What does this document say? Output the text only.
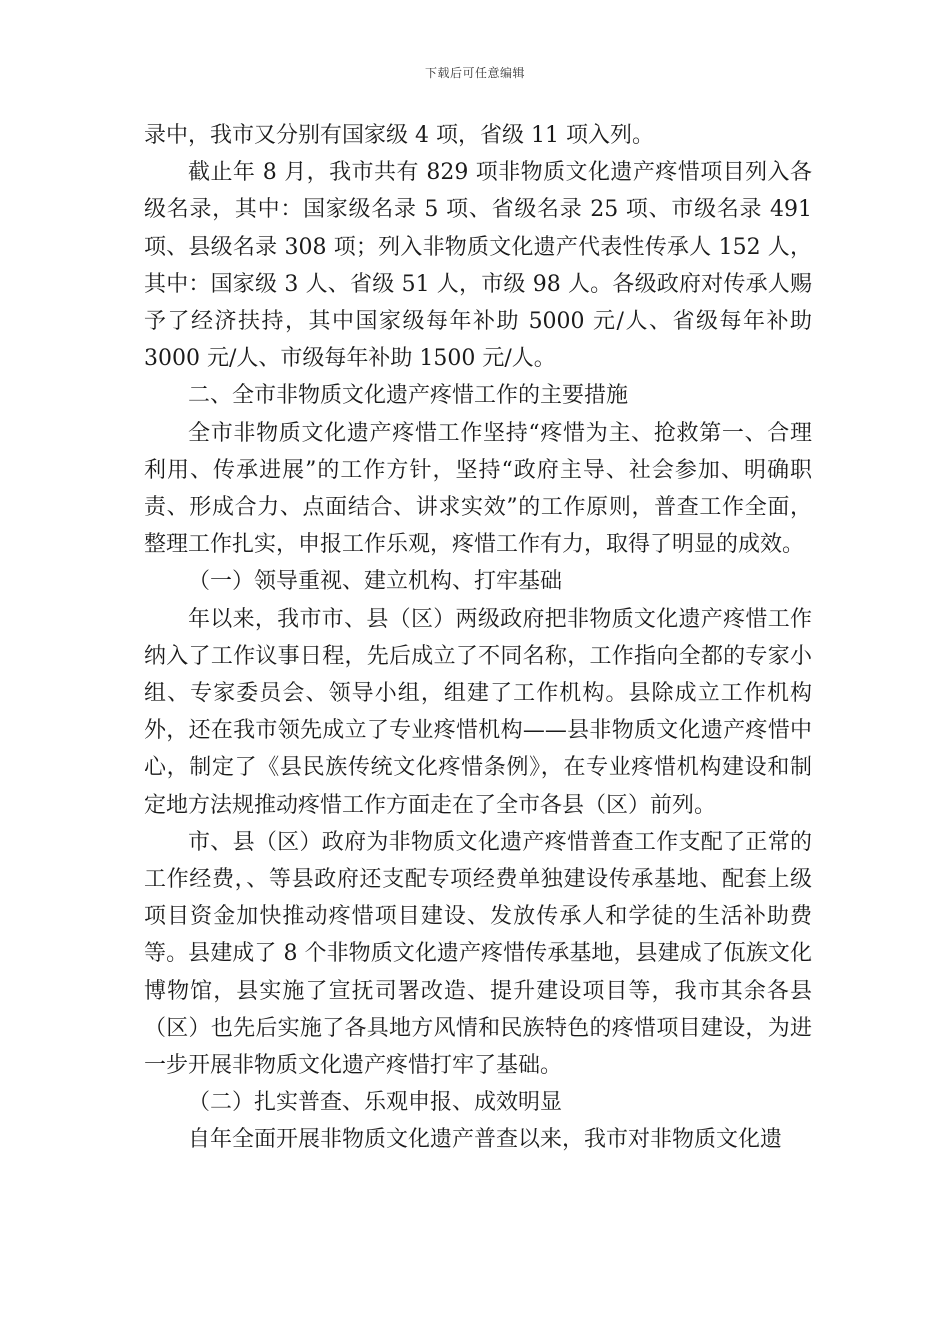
下载后可任意编辑

录中，我市又分别有国家级 4 项，省级 11 项入列。

截止年 8 月，我市共有 829 项非物质文化遗产疼惜项目列入各级名录，其中：国家级名录 5 项、省级名录 25 项、市级名录 491 项、县级名录 308 项；列入非物质文化遗产代表性传承人 152 人，其中：国家级 3 人、省级 51 人，市级 98 人。各级政府对传承人赐予了经济扶持，其中国家级每年补助 5000 元/人、省级每年补助 3000 元/人、市级每年补助 1500 元/人。

二、全市非物质文化遗产疼惜工作的主要措施

全市非物质文化遗产疼惜工作坚持“疼惜为主、抢救第一、合理利用、传承进展”的工作方针，坚持“政府主导、社会参加、明确职责、形成合力、点面结合、讲求实效”的工作原则，普查工作全面，整理工作扎实，申报工作乐观，疼惜工作有力，取得了明显的成效。

（一）领导重视、建立机构、打牢基础

年以来，我市市、县（区）两级政府把非物质文化遗产疼惜工作纳入了工作议事日程，先后成立了不同名称，工作指向全都的专家小组、专家委员会、领导小组，组建了工作机构。县除成立工作机构外，还在我市领先成立了专业疼惜机构——县非物质文化遗产疼惜中心，制定了《县民族传统文化疼惜条例》，在专业疼惜机构建设和制定地方法规推动疼惜工作方面走在了全市各县（区）前列。

市、县（区）政府为非物质文化遗产疼惜普查工作支配了正常的工作经费，、等县政府还支配专项经费单独建设传承基地、配套上级项目资金加快推动疼惜项目建设、发放传承人和学徒的生活补助费等。县建成了 8 个非物质文化遗产疼惜传承基地，县建成了佤族文化博物馆，县实施了宣抚司署改造、提升建设项目等，我市其余各县（区）也先后实施了各具地方风情和民族特色的疼惜项目建设，为进一步开展非物质文化遗产疼惜打牢了基础。

（二）扎实普查、乐观申报、成效明显

自年全面开展非物质文化遗产普查以来，我市对非物质文化遗
